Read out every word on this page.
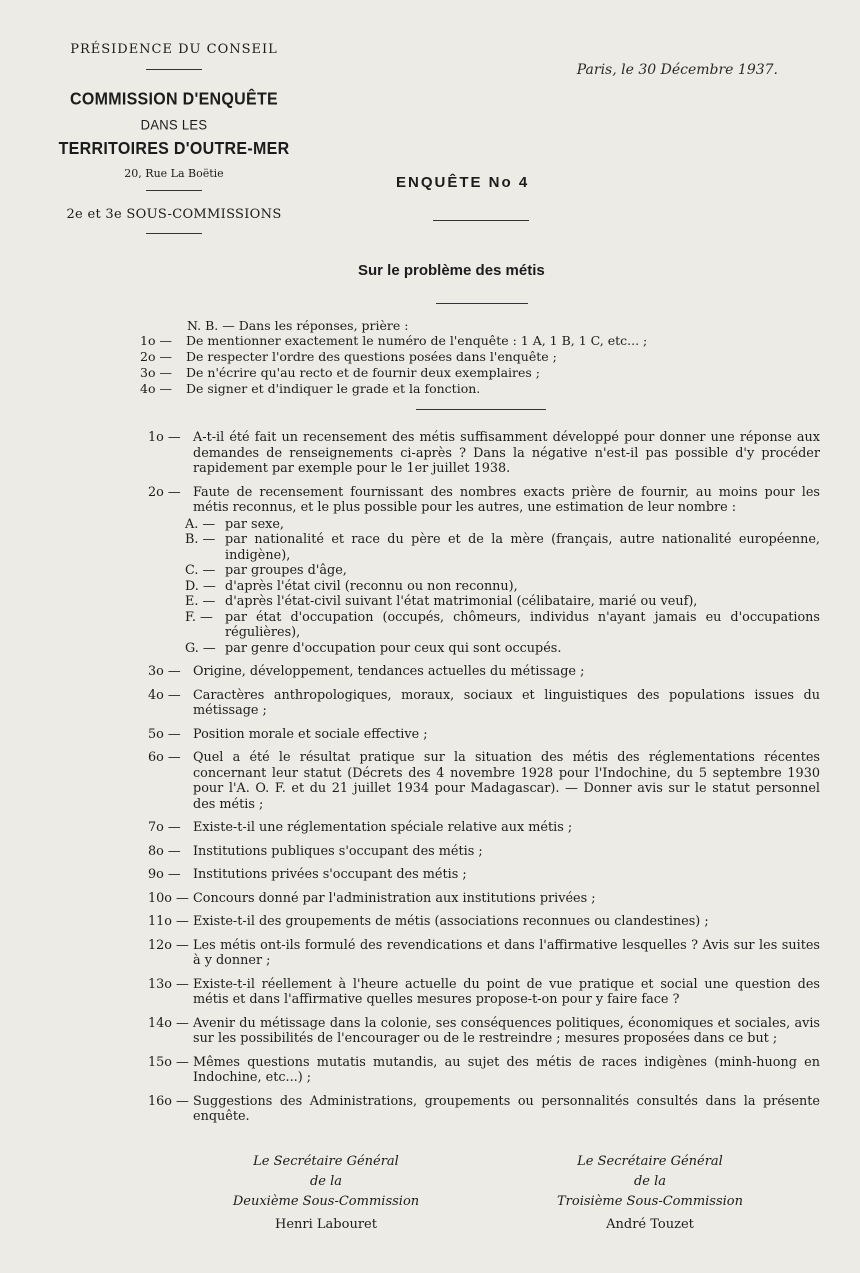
PRÉSIDENCE DU CONSEIL
COMMISSION D'ENQUÊTE
DANS LES
TERRITOIRES D'OUTRE-MER
20, Rue La Boëtie
2e et 3e SOUS-COMMISSIONS
Paris, le 30 Décembre 1937.
ENQUÊTE No 4
Sur le problème des métis
N. B. — Dans les réponses, prière :
1o —	De mentionner exactement le numéro de l'enquête : 1 A, 1 B, 1 C, etc... ;
2o —	De respecter l'ordre des questions posées dans l'enquête ;
3o —	De n'écrire qu'au recto et de fournir deux exemplaires ;
4o —	De signer et d'indiquer le grade et la fonction.
1o — A-t-il été fait un recensement des métis suffisamment développé pour donner une réponse aux demandes de renseignements ci-après ? Dans la négative n'est-il pas possible d'y procéder rapidement par exemple pour le 1er juillet 1938.
2o — Faute de recensement fournissant des nombres exacts prière de fournir, au moins pour les métis reconnus, et le plus possible pour les autres, une estimation de leur nombre :
A. — par sexe,
B. — par nationalité et race du père et de la mère (français, autre nationalité européenne, indigène),
C. — par groupes d'âge,
D. — d'après l'état civil (reconnu ou non reconnu),
E. — d'après l'état-civil suivant l'état matrimonial (célibataire, marié ou veuf),
F. — par état d'occupation (occupés, chômeurs, individus n'ayant jamais eu d'occupations régulières),
G. — par genre d'occupation pour ceux qui sont occupés.
3o — Origine, développement, tendances actuelles du métissage ;
4o — Caractères anthropologiques, moraux, sociaux et linguistiques des populations issues du métissage ;
5o — Position morale et sociale effective ;
6o — Quel a été le résultat pratique sur la situation des métis des réglementations récentes concernant leur statut (Décrets des 4 novembre 1928 pour l'Indochine, du 5 septembre 1930 pour l'A. O. F. et du 21 juillet 1934 pour Madagascar). — Donner avis sur le statut personnel des métis ;
7o — Existe-t-il une réglementation spéciale relative aux métis ;
8o — Institutions publiques s'occupant des métis ;
9o — Institutions privées s'occupant des métis ;
10o — Concours donné par l'administration aux institutions privées ;
11o — Existe-t-il des groupements de métis (associations reconnues ou clandestines) ;
12o — Les métis ont-ils formulé des revendications et dans l'affirmative lesquelles ? Avis sur les suites à y donner ;
13o — Existe-t-il réellement à l'heure actuelle du point de vue pratique et social une question des métis et dans l'affirmative quelles mesures propose-t-on pour y faire face ?
14o — Avenir du métissage dans la colonie, ses conséquences politiques, économiques et sociales, avis sur les possibilités de l'encourager ou de le restreindre ; mesures proposées dans ce but ;
15o — Mêmes questions mutatis mutandis, au sujet des métis de races indigènes (minh-huong en Indochine, etc...) ;
16o — Suggestions des Administrations, groupements ou personnalités consultés dans la présente enquête.
Le Secrétaire Général
de la
Deuxième Sous-Commission
Henri Labouret
Le Secrétaire Général
de la
Troisième Sous-Commission
André Touzet
